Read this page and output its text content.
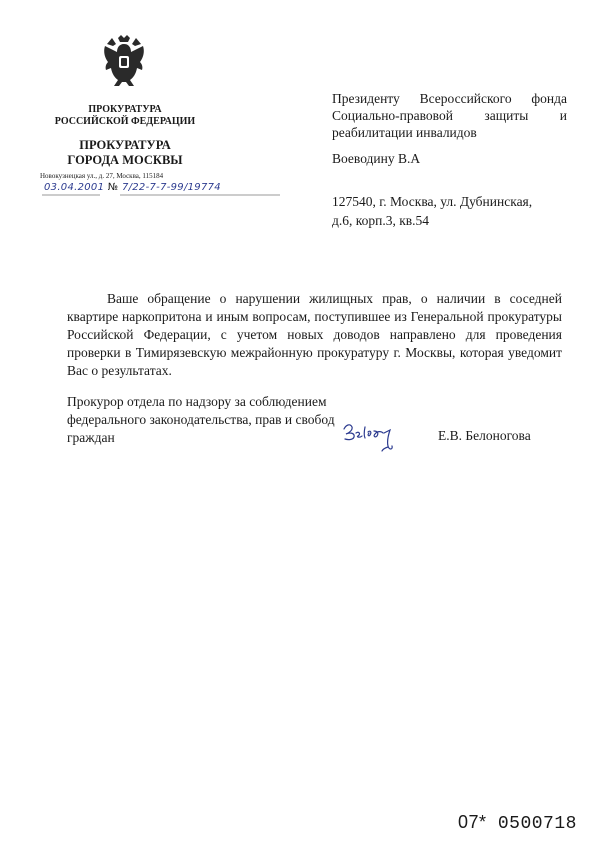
ПРОКУРАТУРА
РОССИЙСКОЙ ФЕДЕРАЦИИ
ПРОКУРАТУРА
ГОРОДА МОСКВЫ
Новокузнецкая ул., д. 27, Москва, 115184
03.04.2001 № 7/22-7-7-99/19774
Президенту Всероссийского фонда
Социально-правовой защиты и
реабилитации инвалидов
Воеводину В.А
127540, г. Москва, ул. Дубнинская,
д.6, корп.3, кв.54
Ваше обращение о нарушении жилищных прав, о наличии в соседней квартире наркопритона и иным вопросам, поступившее из Генеральной прокуратуры Российской Федерации, с учетом новых доводов направлено для проведения проверки в Тимирязевскую межрайонную прокуратуру г. Москвы, которая уведомит Вас о результатах.
Прокурор отдела по надзору за соблюдением
федерального законодательства, прав и свобод
граждан	Е.В. Белоногова
07* 0500718
